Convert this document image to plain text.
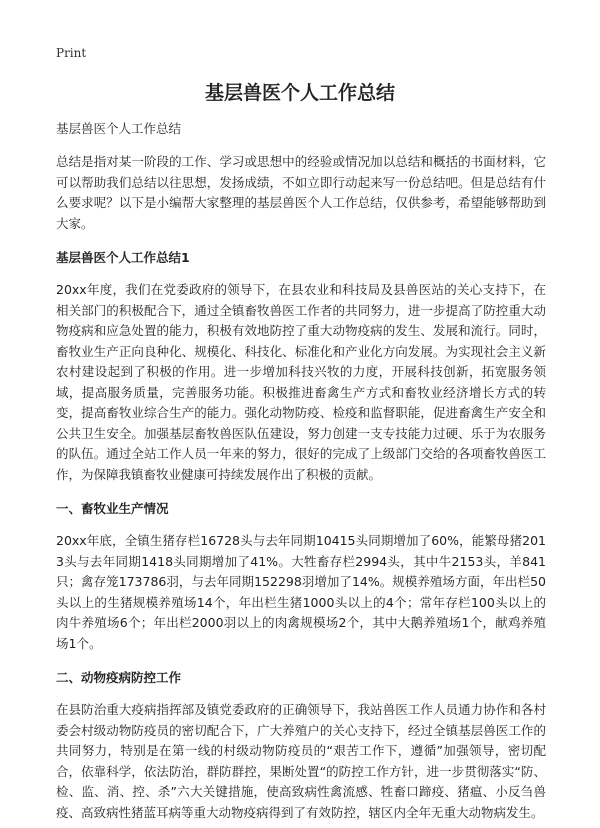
Print
基层兽医个人工作总结

基层兽医个人工作总结

总结是指对某一阶段的工作、学习或思想中的经验或情况加以总结和概括的书面材料，它可以帮助我们总结以往思想，发扬成绩，不如立即行动起来写一份总结吧。但是总结有什么要求呢？以下是小编帮大家整理的基层兽医个人工作总结，仅供参考，希望能够帮助到大家。

基层兽医个人工作总结1

20xx年度，我们在党委政府的领导下，在县农业和科技局及县兽医站的关心支持下，在相关部门的积极配合下，通过全镇畜牧兽医工作者的共同努力，进一步提高了防控重大动物疫病和应急处置的能力，积极有效地防控了重大动物疫病的发生、发展和流行。同时，畜牧业生产正向良种化、规模化、科技化、标准化和产业化方向发展。为实现社会主义新农村建设起到了积极的作用。进一步增加科技兴牧的力度，开展科技创新，拓宽服务领域，提高服务质量，完善服务功能。积极推进畜禽生产方式和畜牧业经济增长方式的转变，提高畜牧业综合生产的能力。强化动物防疫、检疫和监督职能，促进畜禽生产安全和公共卫生安全。加强基层畜牧兽医队伍建设，努力创建一支专技能力过硬、乐于为农服务的队伍。通过全站工作人员一年来的努力，很好的完成了上级部门交给的各项畜牧兽医工作，为保障我镇畜牧业健康可持续发展作出了积极的贡献。

一、畜牧业生产情况

20xx年底，全镇生猪存栏16728头与去年同期10415头同期增加了60%，能繁母猪2013头与去年同期1418头同期增加了41%。大牲畜存栏2994头，其中牛2153头，羊841只；禽存笼173786羽，与去年同期152298羽增加了14%。规模养殖场方面，年出栏50头以上的生猪规模养殖场14个，年出栏生猪1000头以上的4个；常年存栏100头以上的肉牛养殖场6个；年出栏2000羽以上的肉禽规模场2个，其中大鹅养殖场1个，献鸡养殖场1个。

二、动物疫病防控工作

在县防治重大疫病指挥部及镇党委政府的正确领导下，我站兽医工作人员通力协作和各村委会村级动物防疫员的密切配合下，广大养殖户的关心支持下，经过全镇基层兽医工作的共同努力，特别是在第一线的村级动物防疫员的“艰苦工作下，遵循”加强领导，密切配合，依靠科学，依法防治，群防群控，果断处置“的防控工作方针，进一步贯彻落实“防、检、监、消、控、杀”六大关键措施，使高致病性禽流感、牲畜口蹄疫、猪瘟、小反刍兽疫、高致病性猪蓝耳病等重大动物疫病得到了有效防控，辖区内全年无重大动物病发生。
